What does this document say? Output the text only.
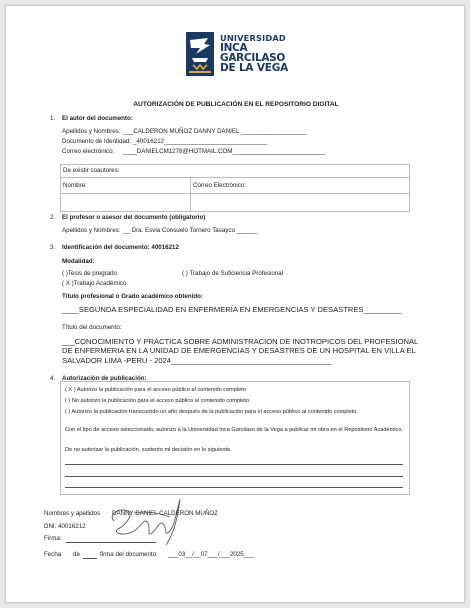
UNIVERSIDAD
INCA GARCILASO
DE LA VEGA
AUTORIZACIÓN DE PUBLICACIÓN EN EL REPOSITORIO DIGITAL
1. El autor del documento:
Apellidos y Nombres: ___CALDERON MUÑOZ DANNY DANIEL ___________________
Documento de Identidad: _40016212______________________________
Correo electrónico: ____DANIELCM1278@HOTMAIL.COM___________________________
De existir coautores:
Nombre:	Correo Electrónico:
2. El profesor o asesor del documento (obligatorio)
Apellidos y Nombres: __ Dra. Esvia Consuelo Tornero Tasayco ______
3. Identificación del documento: 40016212
Modalidad:
( )Tesis de pregrado	( ) Trabajo de Suficiencia Profesional
( X )Trabajo Académico
Título profesional o Grado académico obtenido:
____SEGUNDA ESPECIALIDAD EN ENFERMERÍA EN EMERGENCIAS Y DESASTRES_________
Título del documento:
___CONOCIMIENTO Y PRACTICA SOBRE ADMINISTRACION DE INOTROPICOS DEL PROFESIONAL DE ENFERMERIA EN LA UNIDAD DE EMERGENCIAS Y DESASTRES DE UN HOSPITAL EN VILLA EL SALVADOR LIMA -PERU - 2024______________________________________
4. Autorización de publicación:
( X ) Autorizo la publicación para el acceso público al contenido completo
( ) No autorizo la publicación para el acceso público al contenido completo.
( ) Autorizo la publicación transcurrido un año después de la publicación para el acceso público al contenido completo.
Con el tipo de acceso seleccionado, autorizo a la Universidad Inca Garcilaso de la Vega a publicar mi obra en el Repositorio Académico.
De no autorizar la publicación, sustento mi decisión en lo siguiente.
Nombres y apellidos DANNY DANIEL CALDERON MUÑOZ
DNI: 40016212
Firma:
Fecha de	firma del documento: ___03__/__07___/___2025___
